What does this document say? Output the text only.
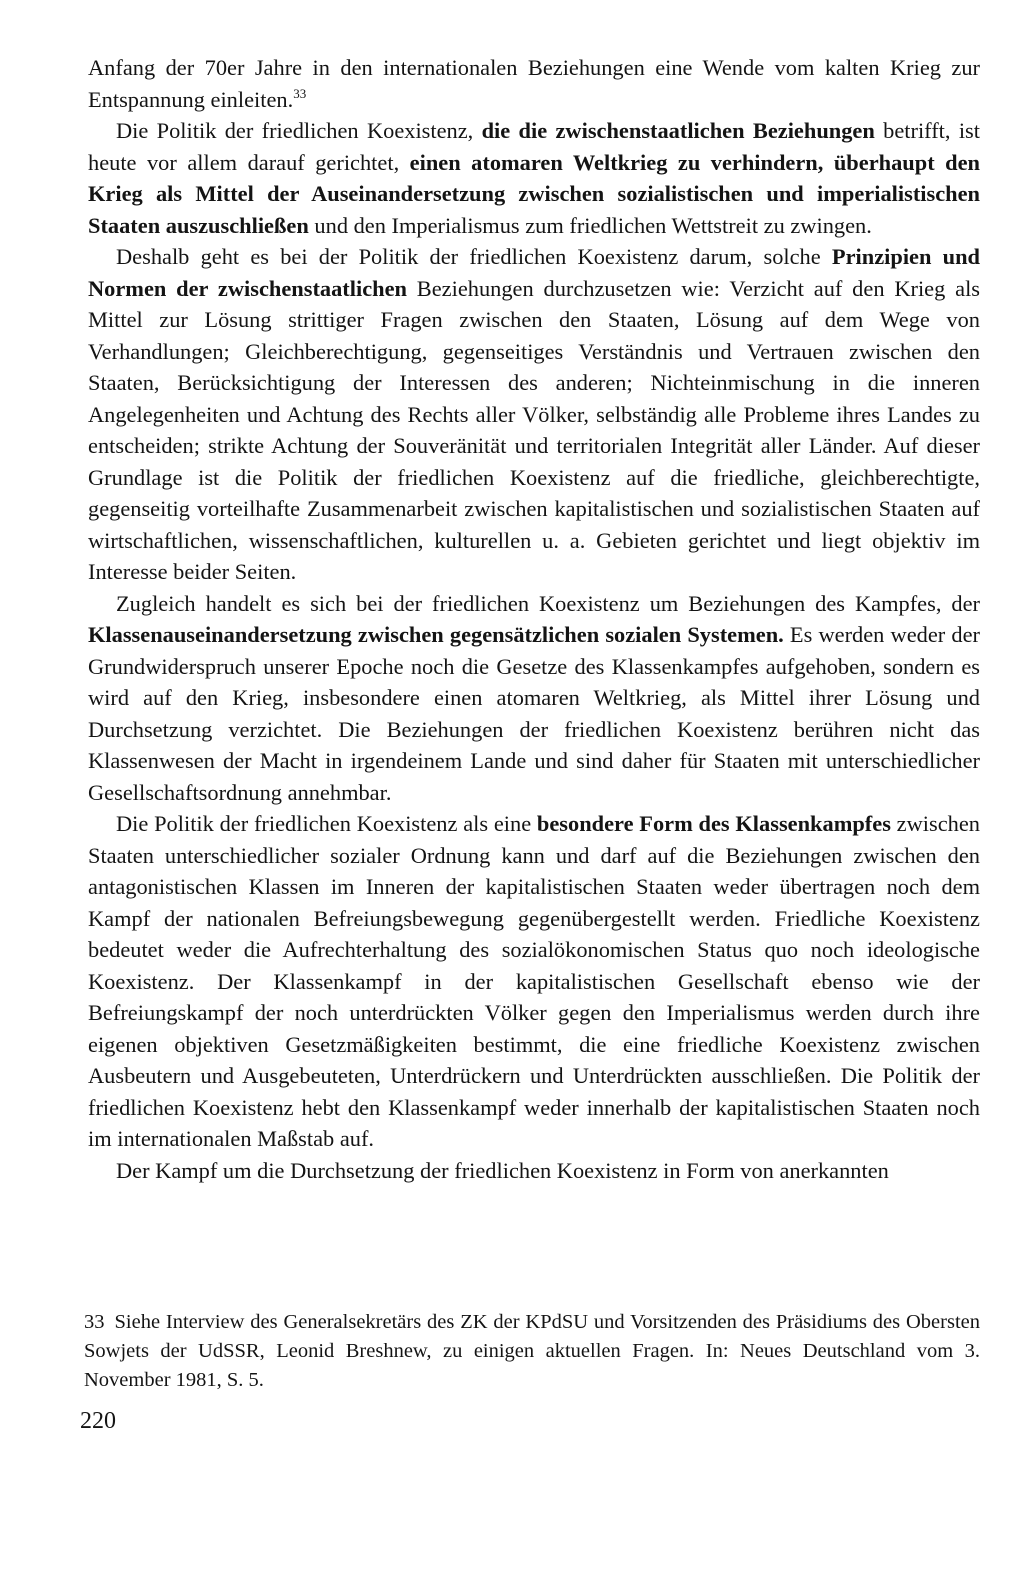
Anfang der 70er Jahre in den internationalen Beziehungen eine Wende vom kalten Krieg zur Entspannung einleiten.$^{33}$

Die Politik der friedlichen Koexistenz, die die zwischenstaatlichen Beziehungen betrifft, ist heute vor allem darauf gerichtet, einen atomaren Weltkrieg zu verhindern, überhaupt den Krieg als Mittel der Auseinandersetzung zwischen sozialistischen und imperialistischen Staaten auszuschließen und den Imperialismus zum friedlichen Wettstreit zu zwingen.

Deshalb geht es bei der Politik der friedlichen Koexistenz darum, solche Prinzipien und Normen der zwischenstaatlichen Beziehungen durchzusetzen wie: Verzicht auf den Krieg als Mittel zur Lösung strittiger Fragen zwischen den Staaten, Lösung auf dem Wege von Verhandlungen; Gleichberechtigung, gegenseitiges Verständnis und Vertrauen zwischen den Staaten, Berücksichtigung der Interessen des anderen; Nichteinmischung in die inneren Angelegenheiten und Achtung des Rechts aller Völker, selbständig alle Probleme ihres Landes zu entscheiden; strikte Achtung der Souveränität und territorialen Integrität aller Länder. Auf dieser Grundlage ist die Politik der friedlichen Koexistenz auf die friedliche, gleichberechtigte, gegenseitig vorteilhafte Zusammenarbeit zwischen kapitalistischen und sozialistischen Staaten auf wirtschaftlichen, wissenschaftlichen, kulturellen u. a. Gebieten gerichtet und liegt objektiv im Interesse beider Seiten.

Zugleich handelt es sich bei der friedlichen Koexistenz um Beziehungen des Kampfes, der Klassenauseinandersetzung zwischen gegensätzlichen sozialen Systemen. Es werden weder der Grundwiderspruch unserer Epoche noch die Gesetze des Klassenkampfes aufgehoben, sondern es wird auf den Krieg, insbesondere einen atomaren Weltkrieg, als Mittel ihrer Lösung und Durchsetzung verzichtet. Die Beziehungen der friedlichen Koexistenz berühren nicht das Klassenwesen der Macht in irgendeinem Lande und sind daher für Staaten mit unterschiedlicher Gesellschaftsordnung annehmbar.

Die Politik der friedlichen Koexistenz als eine besondere Form des Klassenkampfes zwischen Staaten unterschiedlicher sozialer Ordnung kann und darf auf die Beziehungen zwischen den antagonistischen Klassen im Inneren der kapitalistischen Staaten weder übertragen noch dem Kampf der nationalen Befreiungsbewegung gegenübergestellt werden. Friedliche Koexistenz bedeutet weder die Aufrechterhaltung des sozialökonomischen Status quo noch ideologische Koexistenz. Der Klassenkampf in der kapitalistischen Gesellschaft ebenso wie der Befreiungskampf der noch unterdrückten Völker gegen den Imperialismus werden durch ihre eigenen objektiven Gesetzmäßigkeiten bestimmt, die eine friedliche Koexistenz zwischen Ausbeutern und Ausgebeuteten, Unterdrückern und Unterdrückten ausschließen. Die Politik der friedlichen Koexistenz hebt den Klassenkampf weder innerhalb der kapitalistischen Staaten noch im internationalen Maßstab auf.

Der Kampf um die Durchsetzung der friedlichen Koexistenz in Form von anerkannten

33 Siehe Interview des Generalsekretärs des ZK der KPdSU und Vorsitzenden des Präsidiums des Obersten Sowjets der UdSSR, Leonid Breshnew, zu einigen aktuellen Fragen. In: Neues Deutschland vom 3. November 1981, S. 5.
220
